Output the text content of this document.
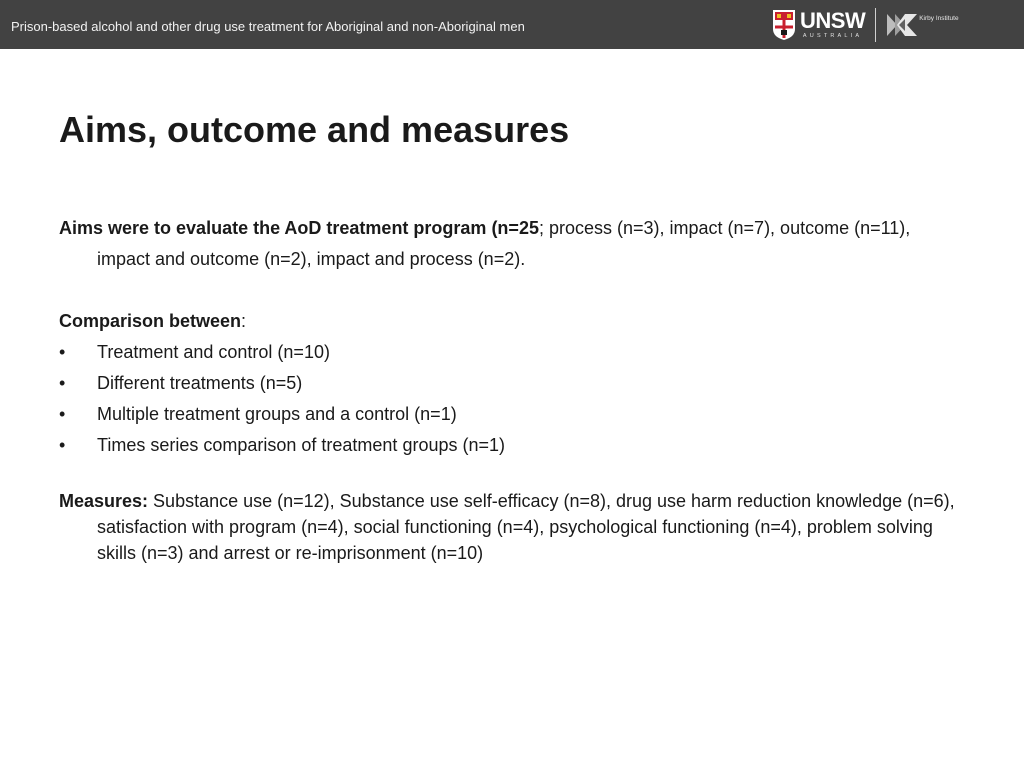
Prison-based alcohol and other drug use treatment for Aboriginal and non-Aboriginal men	UNSW
AUSTRALIA
Kirby Institute
Aims, outcome and measures

Aims were to evaluate the AoD treatment program (n=25; process (n=3), impact (n=7), outcome (n=11), impact and outcome (n=2), impact and process (n=2).

Comparison between:

•	Treatment and control (n=10)
•	Different treatments (n=5)
•	Multiple treatment groups and a control (n=1)
•	Times series comparison of treatment groups (n=1)

Measures: Substance use (n=12), Substance use self-efficacy (n=8), drug use harm reduction knowledge (n=6), satisfaction with program (n=4), social functioning (n=4), psychological functioning (n=4), problem solving skills (n=3) and arrest or re-imprisonment (n=10)
